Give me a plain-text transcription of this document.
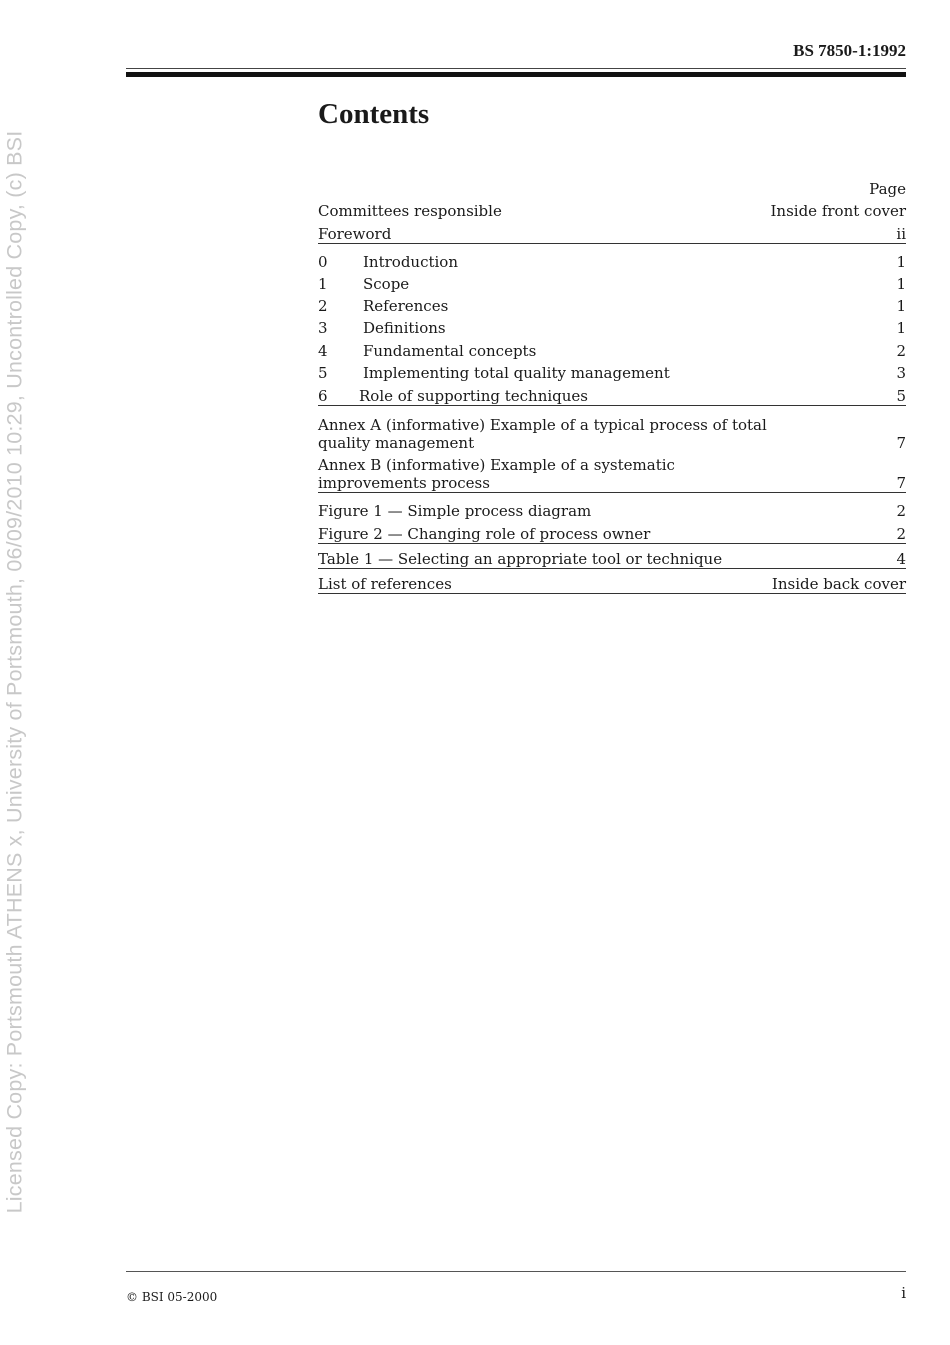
Licensed Copy: Portsmouth ATHENS x, University of Portsmouth, 06/09/2010 10:29, Uncontrolled Copy, (c) BSI
BS 7850-1:1992
Contents
Page
Committees responsible	Inside front cover
Foreword	ii
0	Introduction	1
1	Scope	1
2	References	1
3	Definitions	1
4	Fundamental concepts	2
5	Implementing total quality management	3
6	Role of supporting techniques	5
Annex A (informative) Example of a typical process of total quality management	7
Annex B (informative) Example of a systematic improvements process	7
Figure 1 — Simple process diagram	2
Figure 2 — Changing role of process owner	2
Table 1 — Selecting an appropriate tool or technique	4
List of references	Inside back cover
© BSI 05-2000	i
